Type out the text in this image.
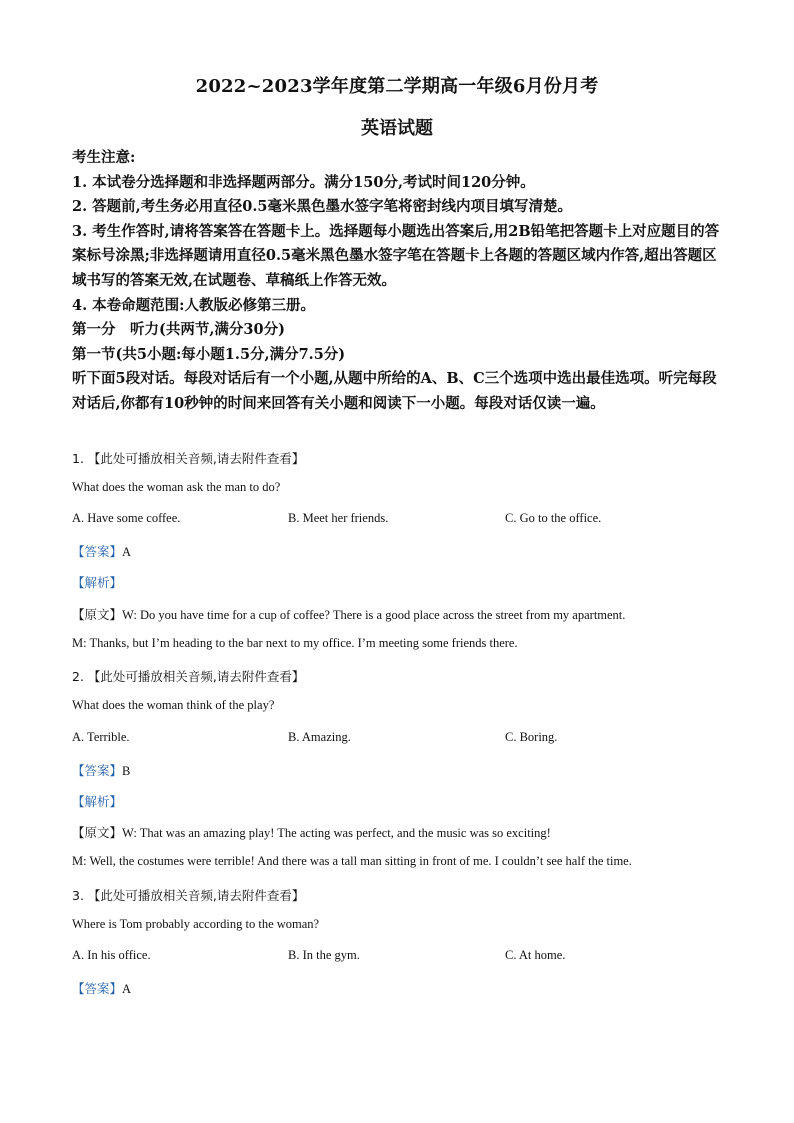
2022~2023学年度第二学期高一年级6月份月考
英语试题

考生注意:

1. 本试卷分选择题和非选择题两部分。满分150分,考试时间120分钟。

2. 答题前,考生务必用直径0.5毫米黑色墨水签字笔将密封线内项目填写清楚。

3. 考生作答时,请将答案答在答题卡上。选择题每小题选出答案后,用2B铅笔把答题卡上对应题目的答案标号涂黑;非选择题请用直径0.5毫米黑色墨水签字笔在答题卡上各题的答题区域内作答,超出答题区域书写的答案无效,在试题卷、草稿纸上作答无效。

4. 本卷命题范围:人教版必修第三册。

第一分　听力(共两节,满分30分)

第一节(共5小题:每小题1.5分,满分7.5分)

听下面5段对话。每段对话后有一个小题,从题中所给的A、B、C三个选项中选出最佳选项。听完每段对话后,你都有10秒钟的时间来回答有关小题和阅读下一小题。每段对话仅读一遍。

1. 【此处可播放相关音频,请去附件查看】
What does the woman ask the man to do?
A. Have some coffee.	B. Meet her friends.	C. Go to the office.
【答案】A
【解析】
【原文】W: Do you have time for a cup of coffee? There is a good place across the street from my apartment.
M: Thanks, but I’m heading to the bar next to my office. I’m meeting some friends there.
2. 【此处可播放相关音频,请去附件查看】
What does the woman think of the play?
A. Terrible.	B. Amazing.	C. Boring.
【答案】B
【解析】
【原文】W: That was an amazing play! The acting was perfect, and the music was so exciting!
M: Well, the costumes were terrible! And there was a tall man sitting in front of me. I couldn’t see half the time.
3. 【此处可播放相关音频,请去附件查看】
Where is Tom probably according to the woman?
A. In his office.	B. In the gym.	C. At home.
【答案】A
